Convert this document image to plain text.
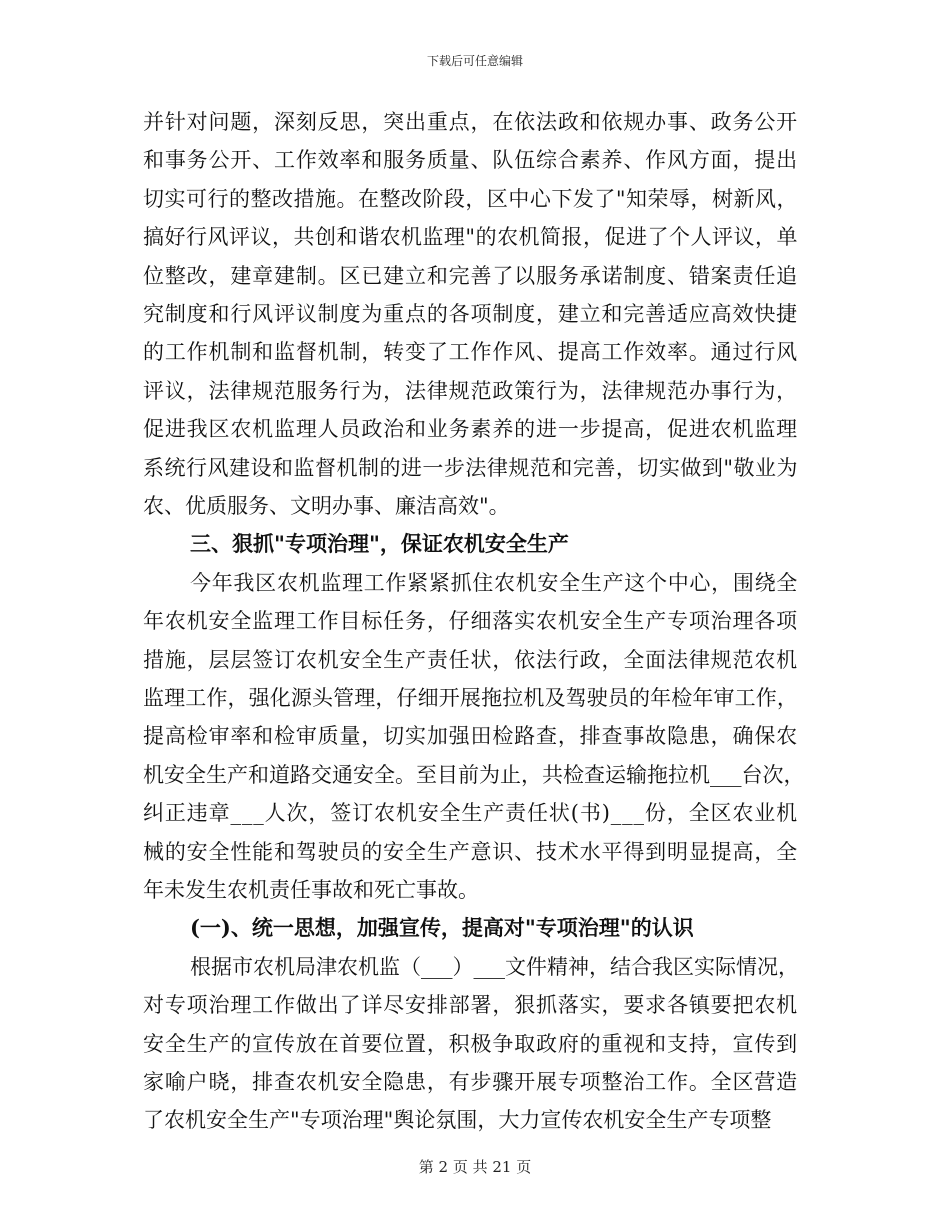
下载后可任意编辑
并针对问题，深刻反思，突出重点，在依法政和依规办事、政务公开
和事务公开、工作效率和服务质量、队伍综合素养、作风方面，提出
切实可行的整改措施。在整改阶段，区中心下发了"知荣辱，树新风，
搞好行风评议，共创和谐农机监理"的农机简报，促进了个人评议，单
位整改，建章建制。区已建立和完善了以服务承诺制度、错案责任追
究制度和行风评议制度为重点的各项制度，建立和完善适应高效快捷
的工作机制和监督机制，转变了工作作风、提高工作效率。通过行风
评议，法律规范服务行为，法律规范政策行为，法律规范办事行为，
促进我区农机监理人员政治和业务素养的进一步提高，促进农机监理
系统行风建设和监督机制的进一步法律规范和完善，切实做到"敬业为
农、优质服务、文明办事、廉洁高效"。
三、狠抓"专项治理"，保证农机安全生产
今年我区农机监理工作紧紧抓住农机安全生产这个中心，围绕全
年农机安全监理工作目标任务，仔细落实农机安全生产专项治理各项
措施，层层签订农机安全生产责任状，依法行政，全面法律规范农机
监理工作，强化源头管理，仔细开展拖拉机及驾驶员的年检年审工作，
提高检审率和检审质量，切实加强田检路查，排查事故隐患，确保农
机安全生产和道路交通安全。至目前为止，共检查运输拖拉机___台次，
纠正违章___人次，签订农机安全生产责任状(书)___份，全区农业机
械的安全性能和驾驶员的安全生产意识、技术水平得到明显提高，全
年未发生农机责任事故和死亡事故。
(一)、统一思想，加强宣传，提高对"专项治理"的认识
根据市农机局津农机监（___）___文件精神，结合我区实际情况，
对专项治理工作做出了详尽安排部署，狠抓落实，要求各镇要把农机
安全生产的宣传放在首要位置，积极争取政府的重视和支持，宣传到
家喻户晓，排查农机安全隐患，有步骤开展专项整治工作。全区营造
了农机安全生产"专项治理"舆论氛围，大力宣传农机安全生产专项整
第 2 页 共 21 页
